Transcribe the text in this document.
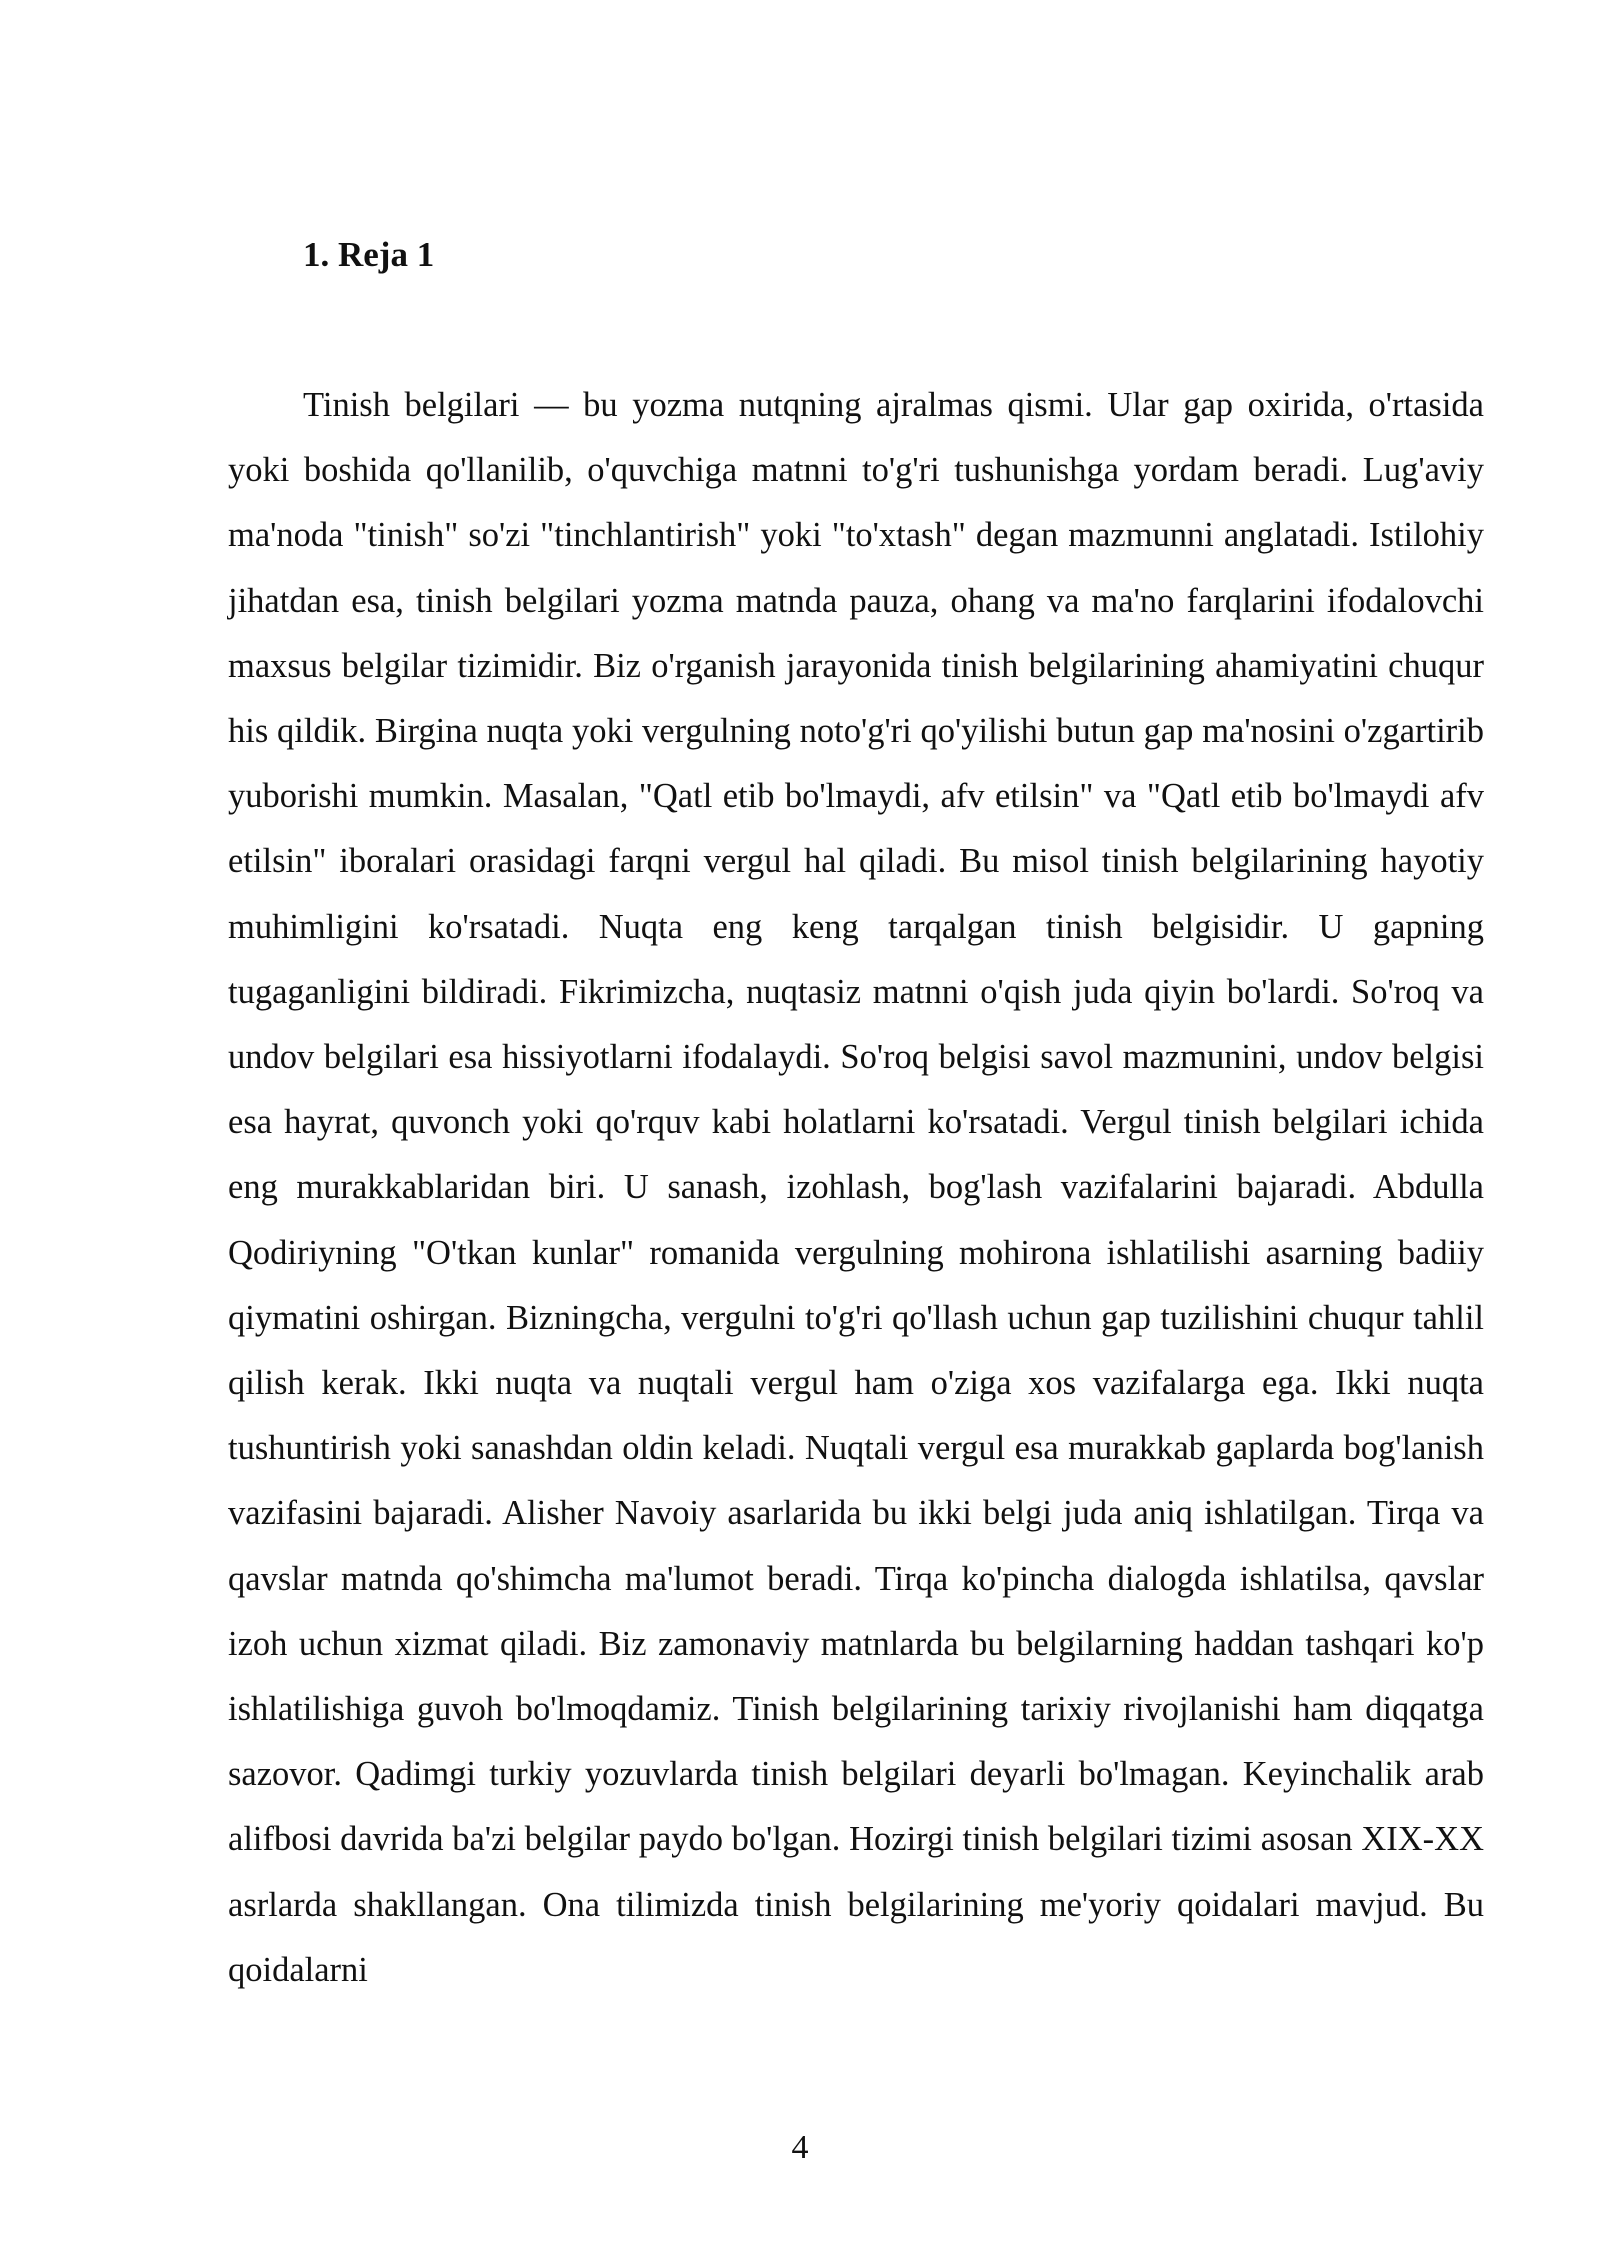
1. Reja 1

Tinish belgilari — bu yozma nutqning ajralmas qismi. Ular gap oxirida, o'rtasida yoki boshida qo'llanilib, o'quvchiga matnni to'g'ri tushunishga yordam beradi. Lug'aviy ma'noda "tinish" so'zi "tinchlantirish" yoki "to'xtash" degan mazmunni anglatadi. Istilohiy jihatdan esa, tinish belgilari yozma matnda pauza, ohang va ma'no farqlarini ifodalovchi maxsus belgilar tizimidir. Biz o'rganish jarayonida tinish belgilarining ahamiyatini chuqur his qildik. Birgina nuqta yoki vergulning noto'g'ri qo'yilishi butun gap ma'nosini o'zgartirib yuborishi mumkin. Masalan, "Qatl etib bo'lmaydi, afv etilsin" va "Qatl etib bo'lmaydi afv etilsin" iboralari orasidagi farqni vergul hal qiladi. Bu misol tinish belgilarining hayotiy muhimligini ko'rsatadi. Nuqta eng keng tarqalgan tinish belgisidir. U gapning tugaganligini bildiradi. Fikrimizcha, nuqtasiz matnni o'qish juda qiyin bo'lardi. So'roq va undov belgilari esa hissiyotlarni ifodalaydi. So'roq belgisi savol mazmunini, undov belgisi esa hayrat, quvonch yoki qo'rquv kabi holatlarni ko'rsatadi. Vergul tinish belgilari ichida eng murakkablaridan biri. U sanash, izohlash, bog'lash vazifalarini bajaradi. Abdulla Qodiriyning "O'tkan kunlar" romanida vergulning mohirona ishlatilishi asarning badiiy qiymatini oshirgan. Bizningcha, vergulni to'g'ri qo'llash uchun gap tuzilishini chuqur tahlil qilish kerak. Ikki nuqta va nuqtali vergul ham o'ziga xos vazifalarga ega. Ikki nuqta tushuntirish yoki sanashdan oldin keladi. Nuqtali vergul esa murakkab gaplarda bog'lanish vazifasini bajaradi. Alisher Navoiy asarlarida bu ikki belgi juda aniq ishlatilgan. Tirqa va qavslar matnda qo'shimcha ma'lumot beradi. Tirqa ko'pincha dialogda ishlatilsa, qavslar izoh uchun xizmat qiladi. Biz zamonaviy matnlarda bu belgilarning haddan tashqari ko'p ishlatilishiga guvoh bo'lmoqdamiz. Tinish belgilarining tarixiy rivojlanishi ham diqqatga sazovor. Qadimgi turkiy yozuvlarda tinish belgilari deyarli bo'lmagan. Keyinchalik arab alifbosi davrida ba'zi belgilar paydo bo'lgan. Hozirgi tinish belgilari tizimi asosan XIX-XX asrlarda shakllangan. Ona tilimizda tinish belgilarining me'yoriy qoidalari mavjud. Bu qoidalarni

4
